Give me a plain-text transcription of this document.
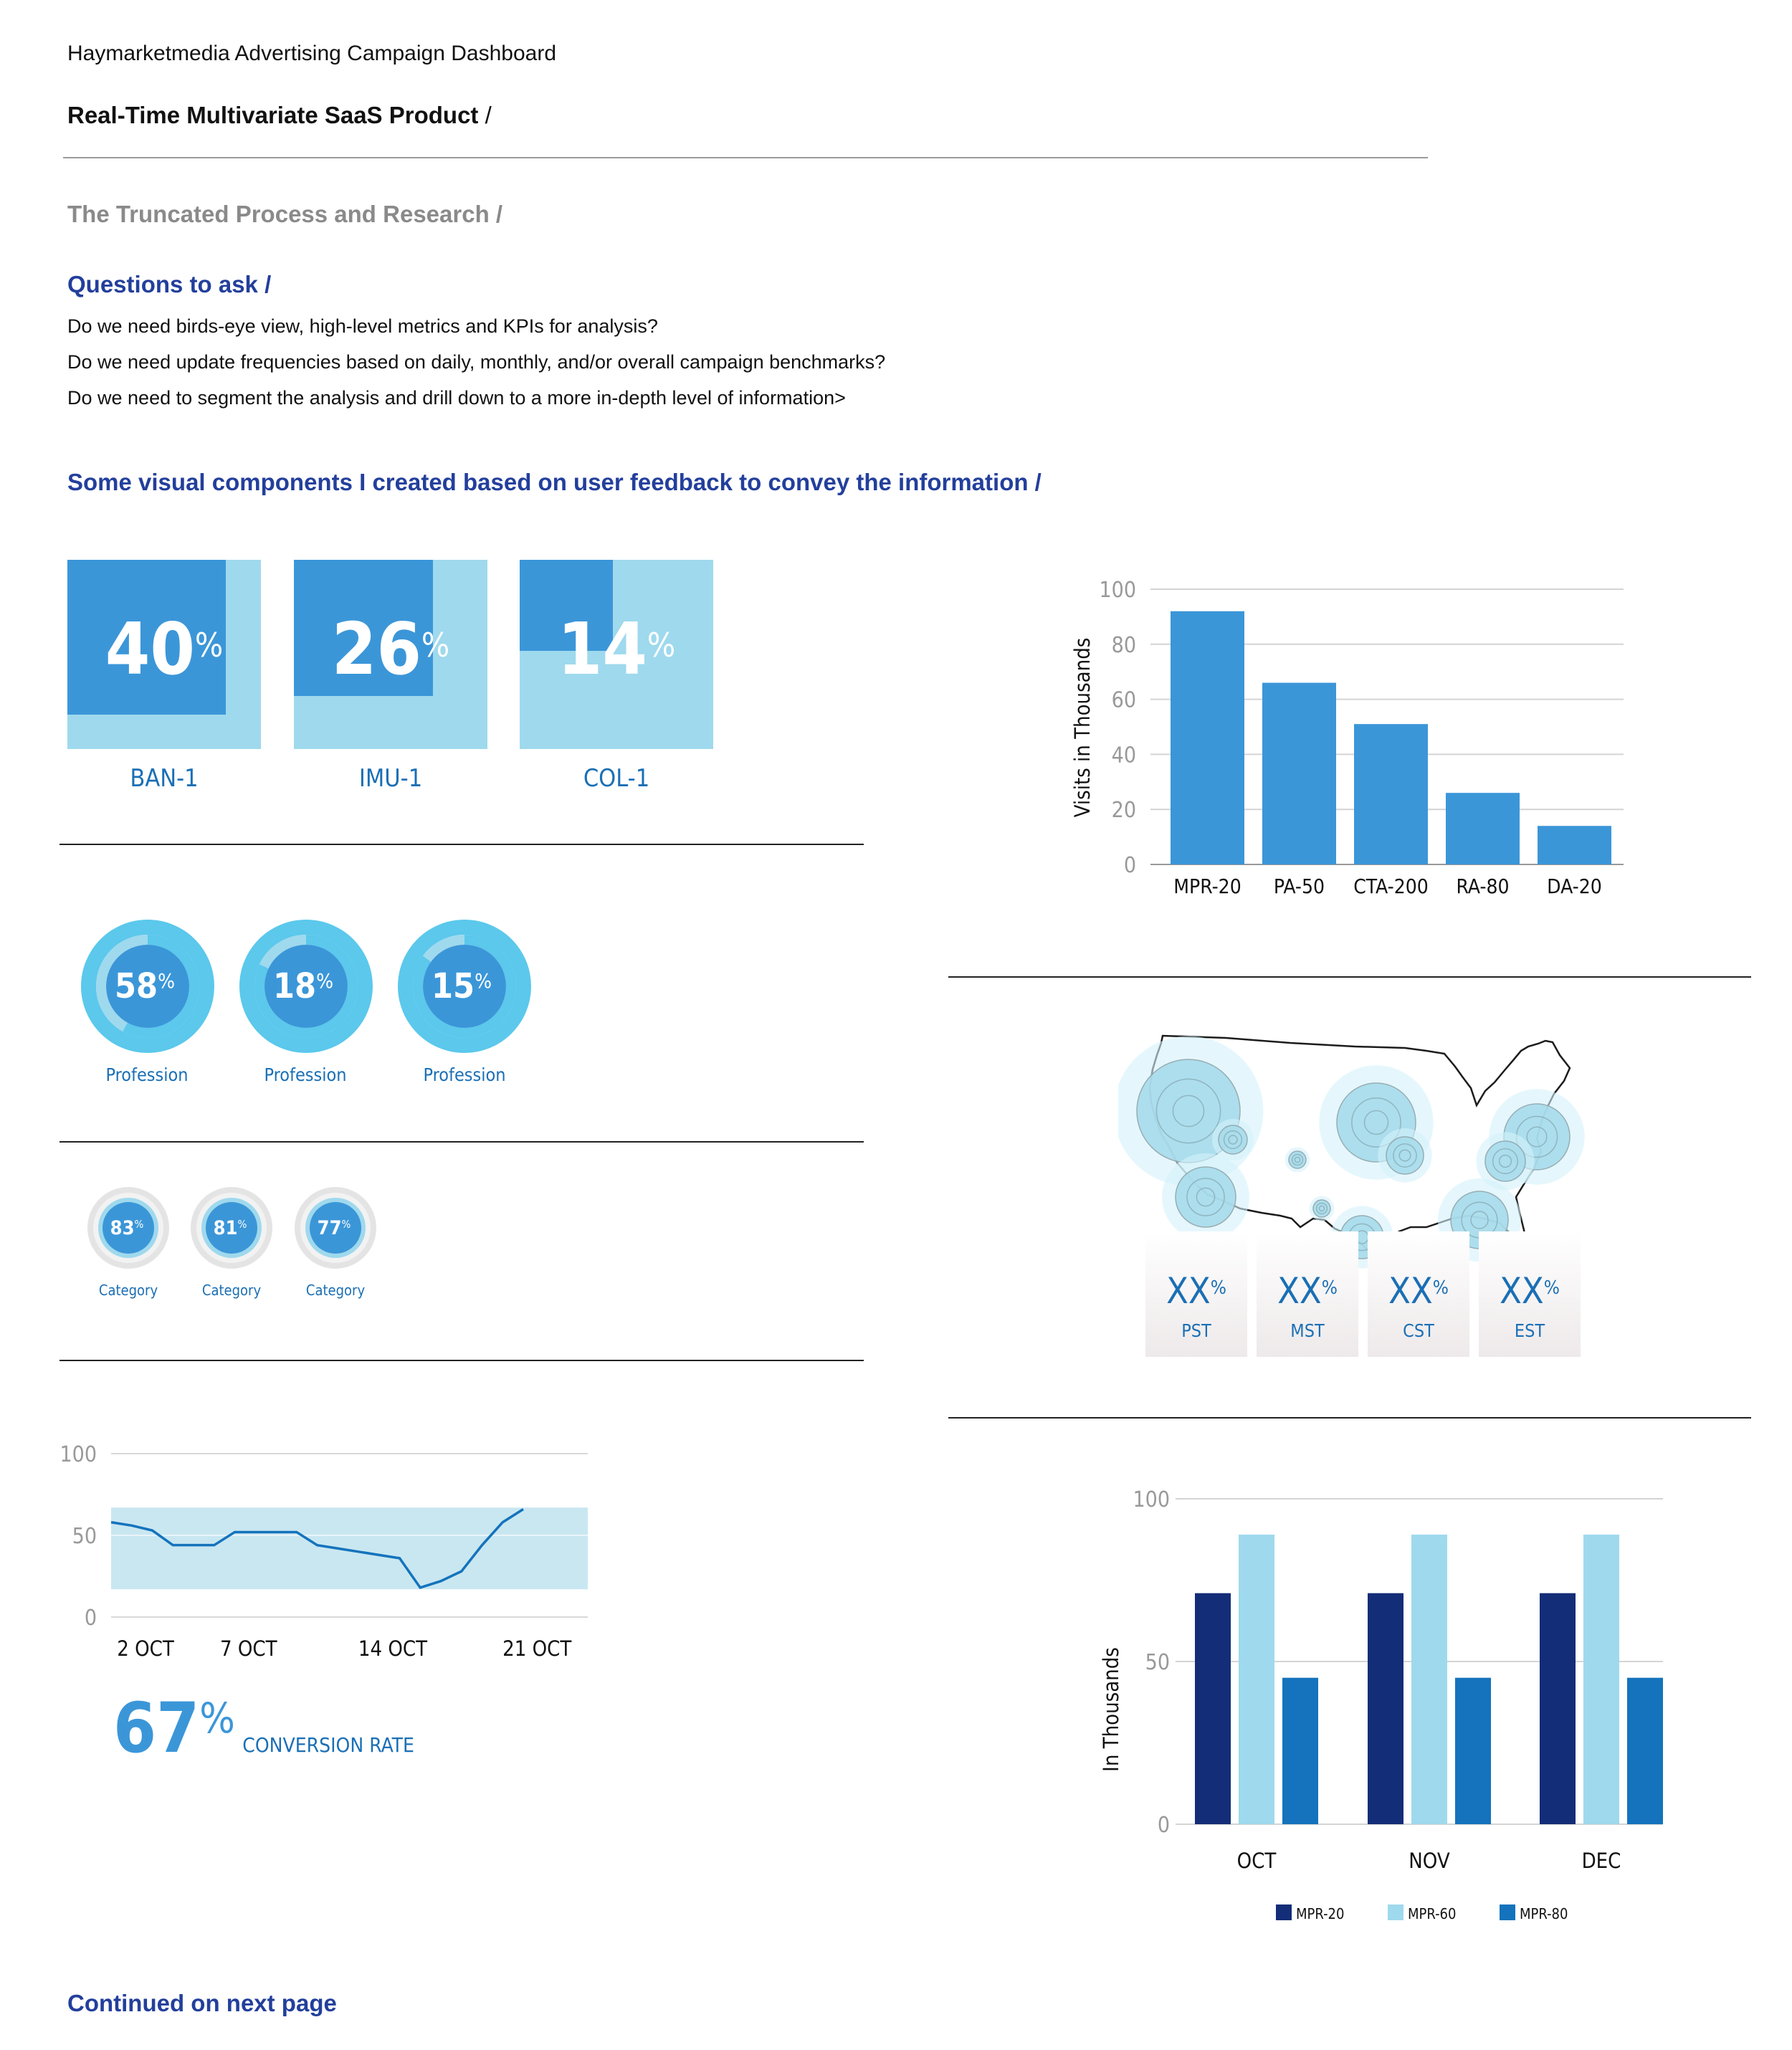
Haymarketmedia Advertising Campaign Dashboard
Real-Time Multivariate SaaS Product /
The Truncated Process and Research /
Questions to ask /
Do we need birds-eye view, high-level metrics and KPIs for analysis?
Do we need update frequencies based on daily, monthly, and/or overall campaign benchmarks?
Do we need to segment the analysis and drill down to a more in-depth level of information>
Some visual components I created based on user feedback to convey the information /
40%
BAN-1
26%
IMU-1
14%
COL-1
58%	18%	15%
Profession	Profession	Profession
83%	81%	77%
Category	Category	Category
0
50
100
2 OCT 7 OCT	14 OCT	21 OCT
67% CONVERSION RATE
0
20
40
60
80
100
MPR-20 PA-50 CTA-200 RA-80 DA-20
Visits in Thousands
XX%
PST
XX%
MST
XX%
CST
XX%
EST
0
50
100
OCT	NOV	DEC
In Thousands
MPR-20	MPR-60	MPR-80
Continued on next page
